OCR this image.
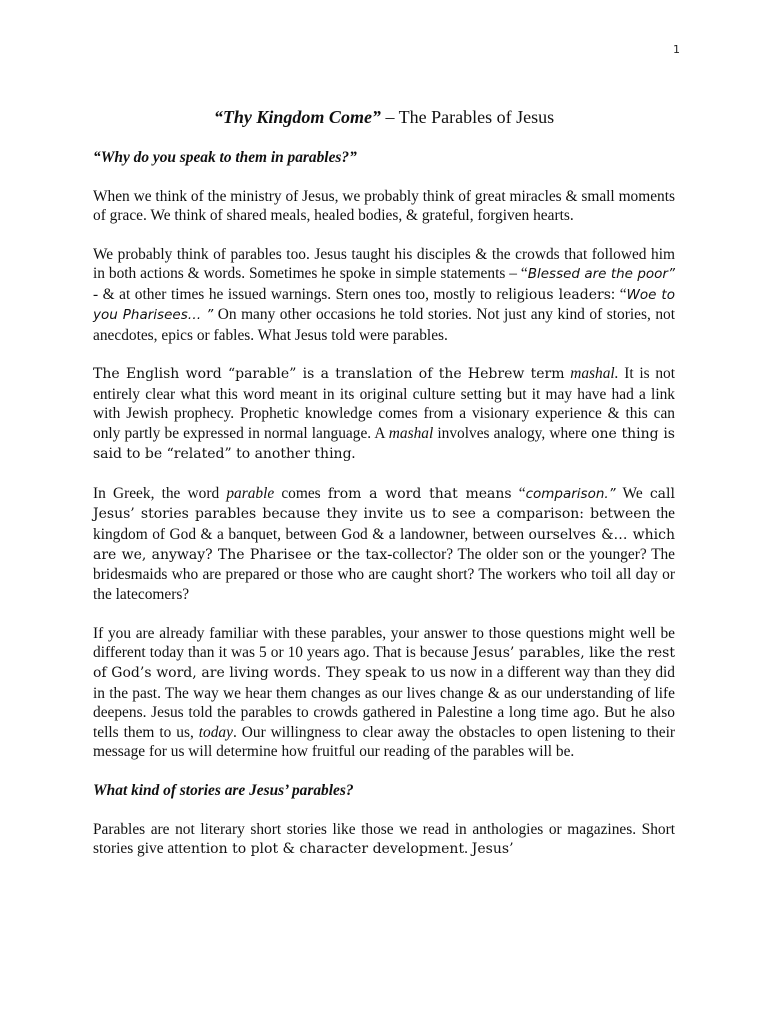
1
“Thy Kingdom Come” – The Parables of Jesus

“Why do you speak to them in parables?”

When we think of the ministry of Jesus, we probably think of great miracles & small moments of grace. We think of shared meals, healed bodies, & grateful, forgiven hearts.

We probably think of parables too. Jesus taught his disciples & the crowds that followed him in both actions & words. Sometimes he spoke in simple statements – “Blessed are the poor” - & at other times he issued warnings. Stern ones too, mostly to religious leaders: “Woe to you Pharisees… ” On many other occasions he told stories. Not just any kind of stories, not anecdotes, epics or fables. What Jesus told were parables.

The English word “parable” is a translation of the Hebrew term mashal. It is not entirely clear what this word meant in its original culture setting but it may have had a link with Jewish prophecy. Prophetic knowledge comes from a visionary experience & this can only partly be expressed in normal language. A mashal involves analogy, where one thing is said to be “related” to another thing.

In Greek, the word parable comes from a word that means “comparison.” We call Jesus’ stories parables because they invite us to see a comparison: between the kingdom of God & a banquet, between God & a landowner, between ourselves &… which are we, anyway? The Pharisee or the tax-collector? The older son or the younger? The bridesmaids who are prepared or those who are caught short? The workers who toil all day or the latecomers?

If you are already familiar with these parables, your answer to those questions might well be different today than it was 5 or 10 years ago. That is because Jesus’ parables, like the rest of God’s word, are living words. They speak to us now in a different way than they did in the past. The way we hear them changes as our lives change & as our understanding of life deepens. Jesus told the parables to crowds gathered in Palestine a long time ago. But he also tells them to us, today. Our willingness to clear away the obstacles to open listening to their message for us will determine how fruitful our reading of the parables will be.

What kind of stories are Jesus’ parables?

Parables are not literary short stories like those we read in anthologies or magazines. Short stories give attention to plot & character development. Jesus’
